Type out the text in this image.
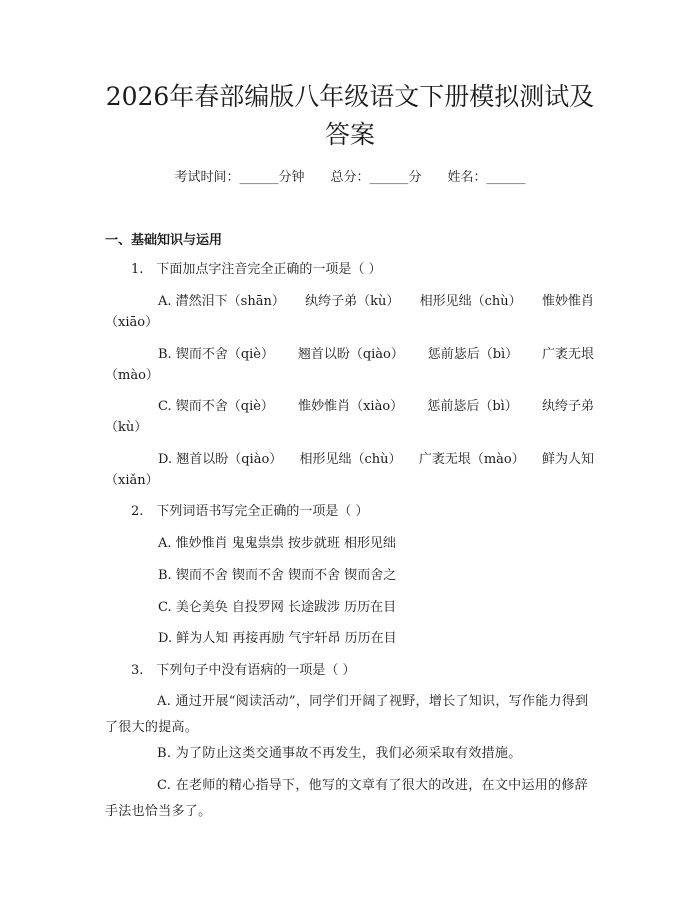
2026年春部编版八年级语文下册模拟测试及
答案
考试时间：______分钟 总分：______分 姓名：______
一、基础知识与运用
1.　下面加点字注音完全正确的一项是（ ）
A. 潸然泪下（shān） 纨绔子弟（kù） 相形见绌（chù） 惟妙惟肖
（xiāo）
B. 锲而不舍（qiè） 翘首以盼（qiào） 惩前毖后（bì） 广袤无垠
（mào）
C. 锲而不舍（qiè） 惟妙惟肖（xiào） 惩前毖后（bì） 纨绔子弟
（kù）
D. 翘首以盼（qiào） 相形见绌（chù） 广袤无垠（mào） 鲜为人知
（xiǎn）
2.　下列词语书写完全正确的一项是（ ）
A. 惟妙惟肖 鬼鬼祟祟 按步就班 相形见绌
B. 锲而不舍 锲而不舍 锲而不舍 锲而舍之
C. 美仑美奂 自投罗网 长途跋涉 历历在目
D. 鲜为人知 再接再励 气宇轩昂 历历在目
3.　下列句子中没有语病的一项是（ ）
A. 通过开展“阅读活动”，同学们开阔了视野，增长了知识，写作能力得到了很大的提高。
B. 为了防止这类交通事故不再发生，我们必须采取有效措施。
C. 在老师的精心指导下，他写的文章有了很大的改进，在文中运用的修辞手法也恰当多了。
